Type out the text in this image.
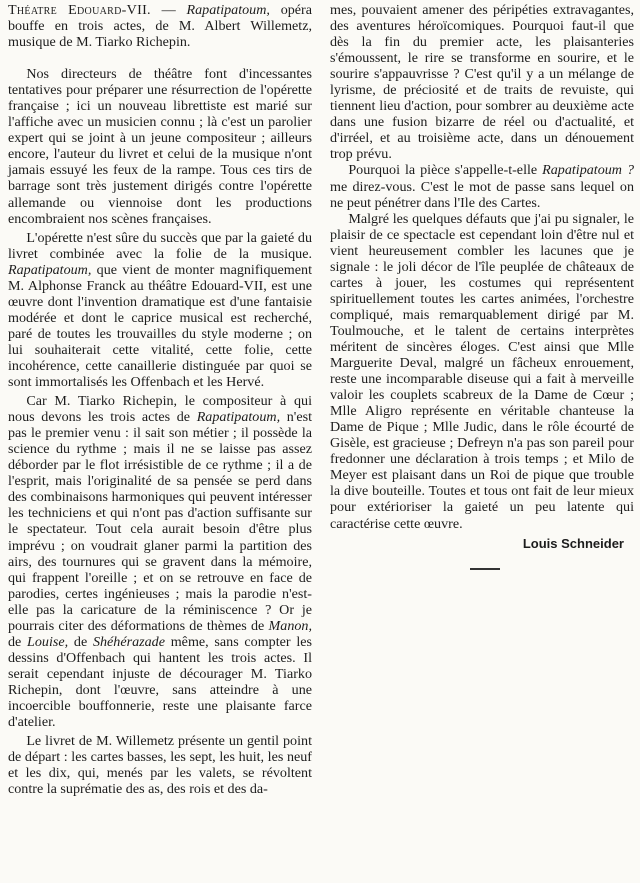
Théatre Edouard-VII. — Rapatipatoum, opéra bouffe en trois actes, de M. Albert Willemetz, musique de M. Tiarko Richepin.

Nos directeurs de théâtre font d'incessantes tentatives pour préparer une résurrection de l'opérette française ; ici un nouveau librettiste est marié sur l'affiche avec un musicien connu ; là c'est un parolier expert qui se joint à un jeune compositeur ; ailleurs encore, l'auteur du livret et celui de la musique n'ont jamais essuyé les feux de la rampe. Tous ces tirs de barrage sont très justement dirigés contre l'opérette allemande ou viennoise dont les productions encombraient nos scènes françaises.

L'opérette n'est sûre du succès que par la gaieté du livret combinée avec la folie de la musique. Rapatipatoum, que vient de monter magnifiquement M. Alphonse Franck au théâtre Edouard-VII, est une œuvre dont l'invention dramatique est d'une fantaisie modérée et dont le caprice musical est recherché, paré de toutes les trouvailles du style moderne ; on lui souhaiterait cette vitalité, cette folie, cette incohérence, cette canaillerie distinguée par quoi se sont immortalisés les Offenbach et les Hervé.

Car M. Tiarko Richepin, le compositeur à qui nous devons les trois actes de Rapatipatoum, n'est pas le premier venu : il sait son métier ; il possède la science du rythme ; mais il ne se laisse pas assez déborder par le flot irrésistible de ce rythme ; il a de l'esprit, mais l'originalité de sa pensée se perd dans des combinaisons harmoniques qui peuvent intéresser les techniciens et qui n'ont pas d'action suffisante sur le spectateur. Tout cela aurait besoin d'être plus imprévu ; on voudrait glaner parmi la partition des airs, des tournures qui se gravent dans la mémoire, qui frappent l'oreille ; et on se retrouve en face de parodies, certes ingénieuses ; mais la parodie n'est-elle pas la caricature de la réminiscence ? Or je pourrais citer des déformations de thèmes de Manon, de Louise, de Shéhérazade même, sans compter les dessins d'Offenbach qui hantent les trois actes. Il serait cependant injuste de décourager M. Tiarko Richepin, dont l'œuvre, sans atteindre à une incoercible bouffonnerie, reste une plaisante farce d'atelier.

Le livret de M. Willemetz présente un gentil point de départ : les cartes basses, les sept, les huit, les neuf et les dix, qui, menés par les valets, se révoltent contre la suprématie des as, des rois et des da-

mes, pouvaient amener des péripéties extravagantes, des aventures héroïcomiques. Pourquoi faut-il que dès la fin du premier acte, les plaisanteries s'émoussent, le rire se transforme en sourire, et le sourire s'appauvrisse ? C'est qu'il y a un mélange de lyrisme, de préciosité et de traits de revuiste, qui tiennent lieu d'action, pour sombrer au deuxième acte dans une fusion bizarre de réel ou d'actualité, et d'irréel, et au troisième acte, dans un dénouement trop prévu.

Pourquoi la pièce s'appelle-t-elle Rapatipatoum ? me direz-vous. C'est le mot de passe sans lequel on ne peut pénétrer dans l'Ile des Cartes.

Malgré les quelques défauts que j'ai pu signaler, le plaisir de ce spectacle est cependant loin d'être nul et vient heureusement combler les lacunes que je signale : le joli décor de l'île peuplée de châteaux de cartes à jouer, les costumes qui représentent spirituellement toutes les cartes animées, l'orchestre compliqué, mais remarquablement dirigé par M. Toulmouche, et le talent de certains interprètes méritent de sincères éloges. C'est ainsi que Mlle Marguerite Deval, malgré un fâcheux enrouement, reste une incomparable diseuse qui a fait à merveille valoir les couplets scabreux de la Dame de Cœur ; Mlle Aligro représente en véritable chanteuse la Dame de Pique ; Mlle Judic, dans le rôle écourté de Gisèle, est gracieuse ; Defreyn n'a pas son pareil pour fredonner une déclaration à trois temps ; et Milo de Meyer est plaisant dans un Roi de pique que trouble la dive bouteille. Toutes et tous ont fait de leur mieux pour extérioriser la gaieté un peu latente qui caractérise cette œuvre.

Louis Schneider
